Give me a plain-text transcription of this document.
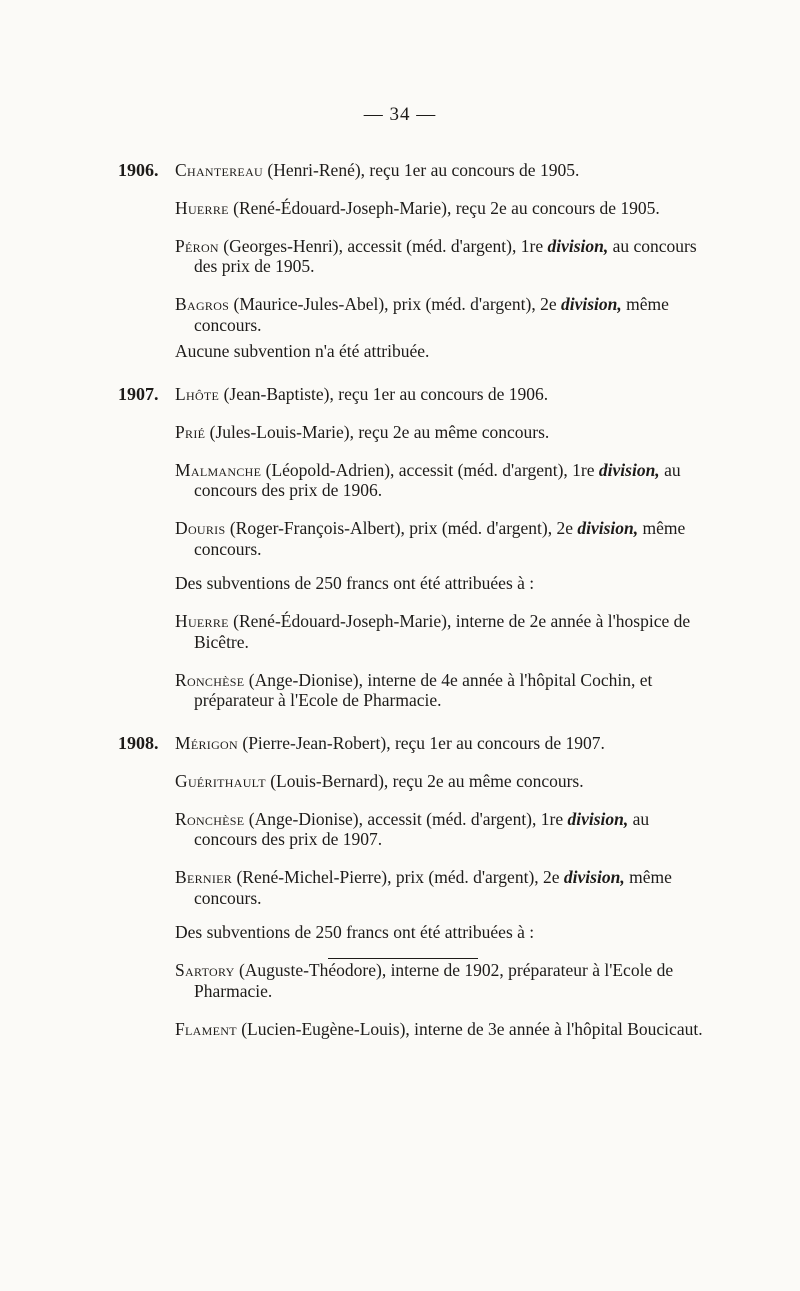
— 34 —
1906. Chantereau (Henri-René), reçu 1er au concours de 1905.

Huerre (René-Édouard-Joseph-Marie), reçu 2e au concours de 1905.

Péron (Georges-Henri), accessit (méd. d'argent), 1re division, au concours des prix de 1905.

Bagros (Maurice-Jules-Abel), prix (méd. d'argent), 2e division, même concours.

Aucune subvention n'a été attribuée.

1907. Lhôte (Jean-Baptiste), reçu 1er au concours de 1906.

Prié (Jules-Louis-Marie), reçu 2e au même concours.

Malmanche (Léopold-Adrien), accessit (méd. d'argent), 1re division, au concours des prix de 1906.

Douris (Roger-François-Albert), prix (méd. d'argent), 2e division, même concours.

Des subventions de 250 francs ont été attribuées à :

Huerre (René-Édouard-Joseph-Marie), interne de 2e année à l'hospice de Bicêtre.

Ronchèse (Ange-Dionise), interne de 4e année à l'hôpital Cochin, et préparateur à l'Ecole de Pharmacie.

1908. Mérigon (Pierre-Jean-Robert), reçu 1er au concours de 1907.

Guérithault (Louis-Bernard), reçu 2e au même concours.

Ronchèse (Ange-Dionise), accessit (méd. d'argent), 1re division, au concours des prix de 1907.

Bernier (René-Michel-Pierre), prix (méd. d'argent), 2e division, même concours.

Des subventions de 250 francs ont été attribuées à :

Sartory (Auguste-Théodore), interne de 1902, préparateur à l'Ecole de Pharmacie.

Flament (Lucien-Eugène-Louis), interne de 3e année à l'hôpital Boucicaut.
